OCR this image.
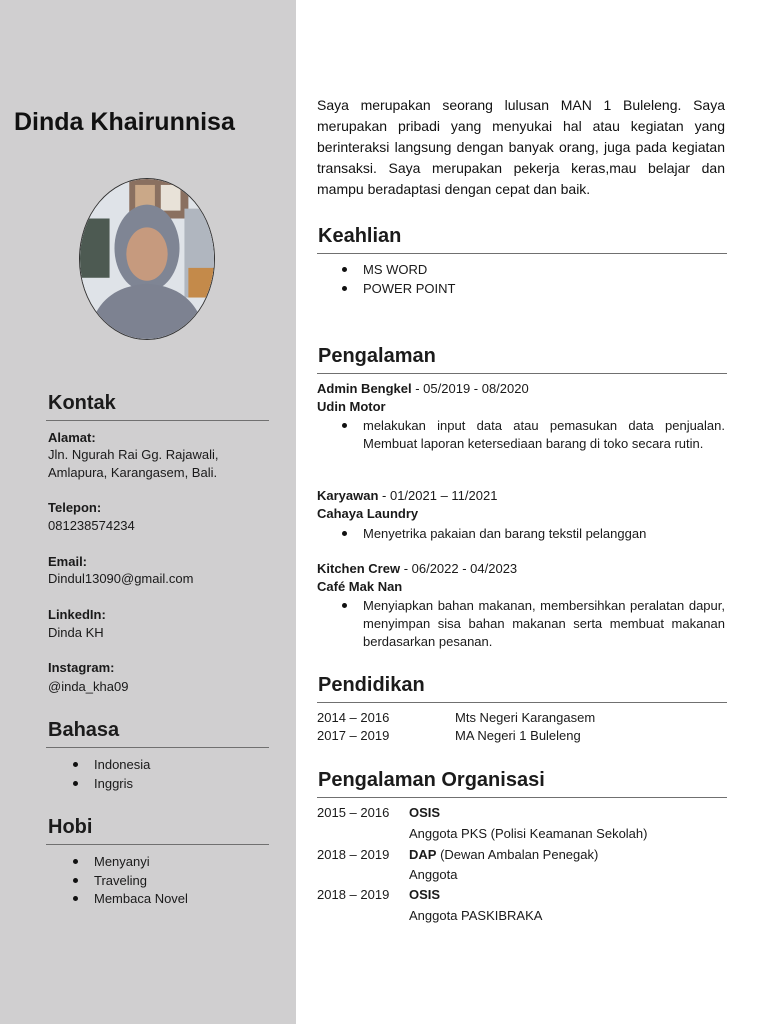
Dinda Khairunnisa
Kontak
Alamat:
Jln. Ngurah Rai Gg. Rajawali,
Amlapura, Karangasem, Bali.
Telepon:
081238574234
Email:
Dindul13090@gmail.com
LinkedIn:
Dinda KH
Instagram:
@inda_kha09
Bahasa
Indonesia
Inggris
Hobi
Menyanyi
Traveling
Membaca Novel

Saya merupakan seorang lulusan MAN 1 Buleleng. Saya merupakan pribadi yang menyukai hal atau kegiatan yang berinteraksi langsung dengan banyak orang, juga pada kegiatan transaksi. Saya merupakan pekerja keras,mau belajar dan mampu beradaptasi dengan cepat dan baik.

Keahlian
MS WORD
POWER POINT
Pengalaman
Admin Bengkel - 05/2019 - 08/2020
Udin Motor
melakukan input data atau pemasukan data penjualan. Membuat laporan ketersediaan barang di toko secara rutin.
Karyawan - 01/2021 – 11/2021
Cahaya Laundry
Menyetrika pakaian dan barang tekstil pelanggan
Kitchen Crew - 06/2022 - 04/2023
Café Mak Nan
Menyiapkan bahan makanan, membersihkan peralatan dapur, menyimpan sisa bahan makanan serta membuat makanan berdasarkan pesanan.
Pendidikan
2014 – 2016	Mts Negeri Karangasem
2017 – 2019	MA Negeri 1 Buleleng
Pengalaman Organisasi
2015 – 2016 OSIS
Anggota PKS (Polisi Keamanan Sekolah)
2018 – 2019 DAP (Dewan Ambalan Penegak)
Anggota
2018 – 2019 OSIS
Anggota PASKIBRAKA
